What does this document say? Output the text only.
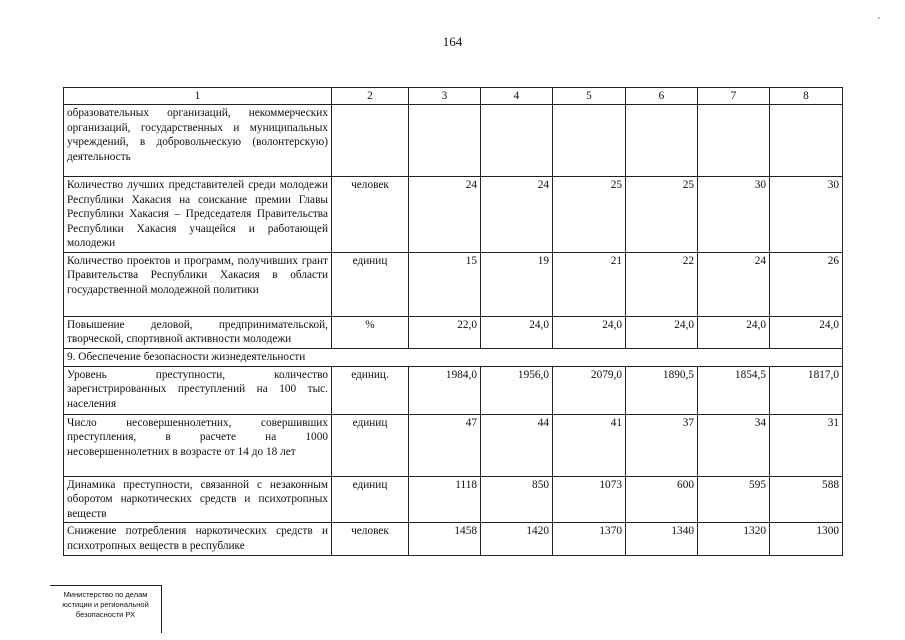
164
'
1	2	3	4	5	6	7	8
образовательных организаций, некоммерческих организаций, государственных и муниципальных учреждений, в добровольческую (волонтерскую) деятельность							
Количество лучших представителей среди молодежи Республики Хакасия на соискание премии Главы Республики Хакасия – Председателя Правительства Республики Хакасия учащейся и работающей молодежи	человек	24	24	25	25	30	30
Количество проектов и программ, получивших грант Правительства Республики Хакасия в области государственной молодежной политики	единиц	15	19	21	22	24	26
Повышение деловой, предпринимательской, творческой, спортивной активности молодежи	%	22,0	24,0	24,0	24,0	24,0	24,0
9. Обеспечение безопасности жизнедеятельности							
Уровень преступности, количество зарегистрированных преступлений на 100 тыс. населения	единиц.	1984,0	1956,0	2079,0	1890,5	1854,5	1817,0
Число несовершеннолетних, совершивших преступления, в расчете на 1000 несовершеннолетних в возрасте от 14 до 18 лет	единиц	47	44	41	37	34	31
Динамика преступности, связанной с незаконным оборотом наркотических средств и психотропных веществ	единиц	1118	850	1073	600	595	588
Снижение потребления наркотических средств и психотропных веществ в республике	человек	1458	1420	1370	1340	1320	1300
Министерство по делам
юстиции и региональной
безопасности РХ
